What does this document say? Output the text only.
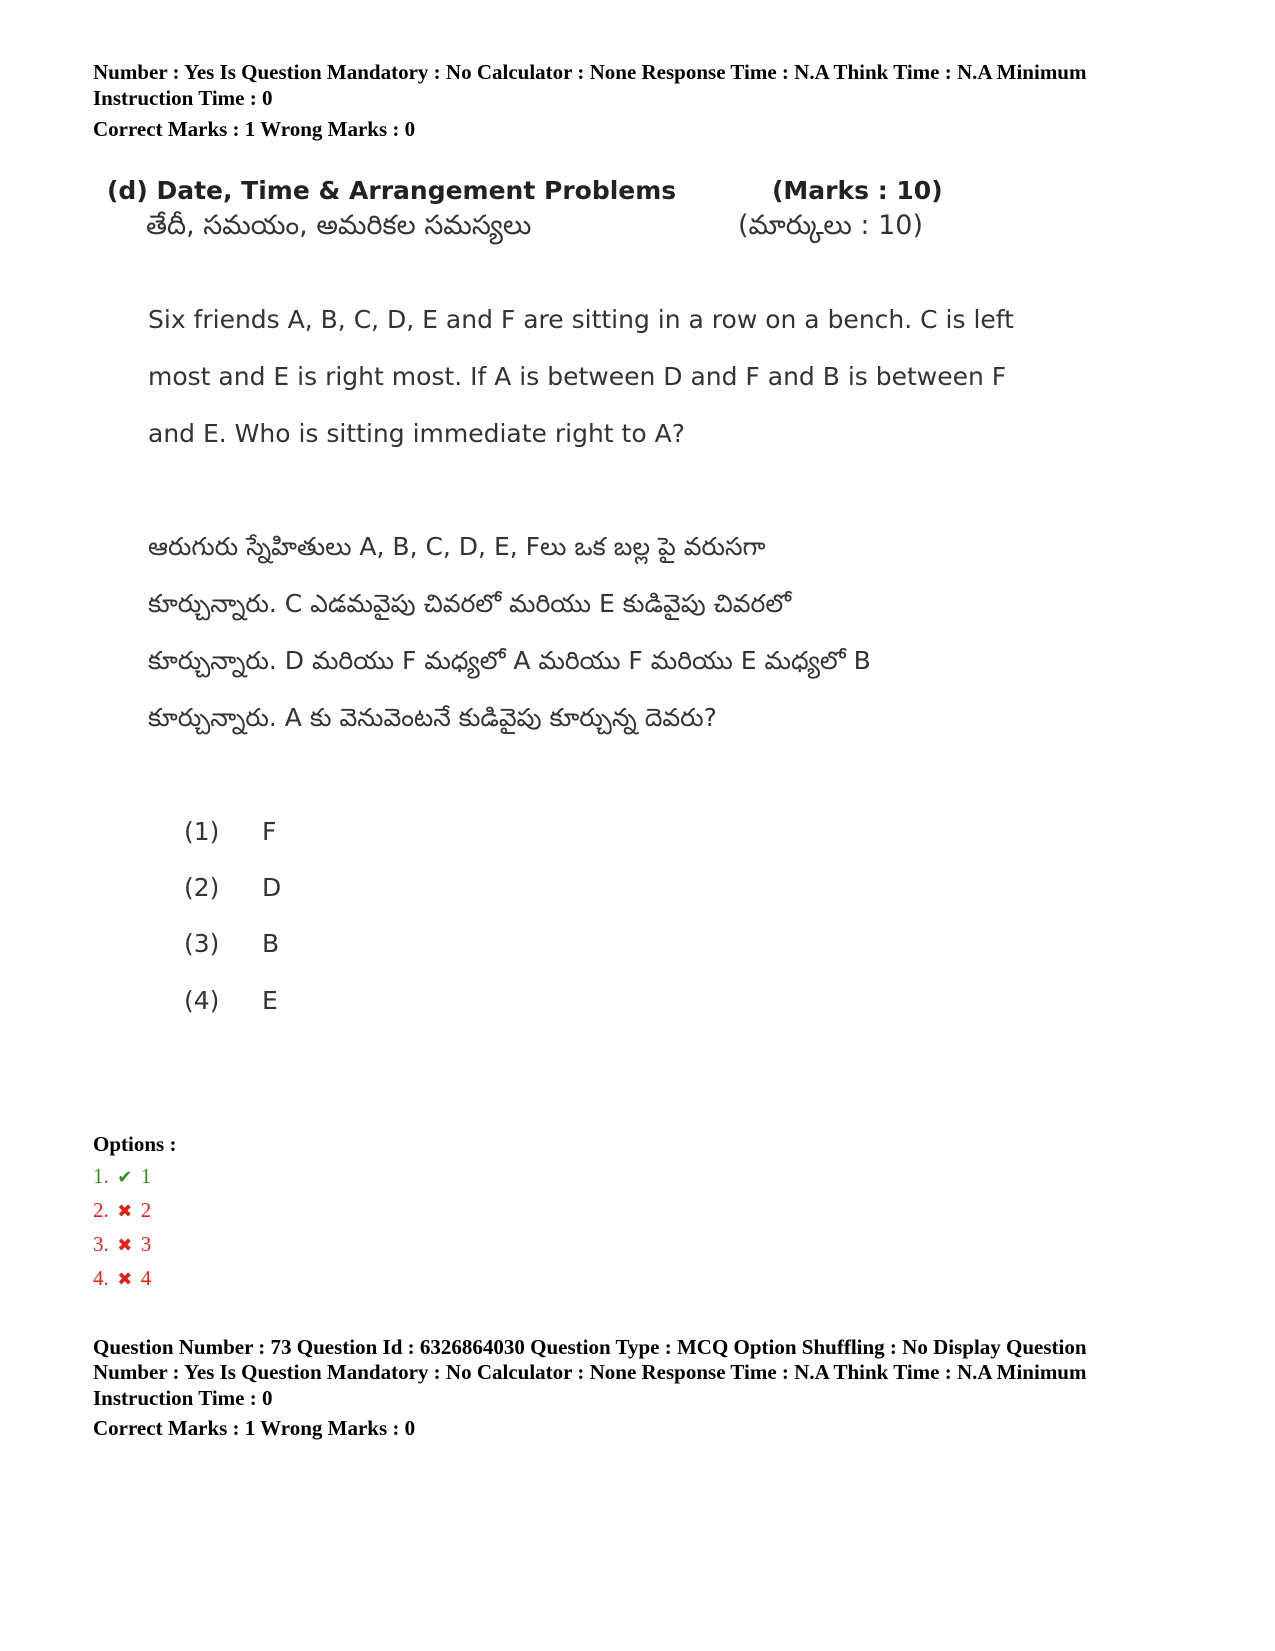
Number : Yes Is Question Mandatory : No Calculator : None Response Time : N.A Think Time : N.A Minimum
Instruction Time : 0
Correct Marks : 1 Wrong Marks : 0
(d) Date, Time & Arrangement Problems	(Marks : 10)
తేదీ, సమయం, అమరికల సమస్యలు	(మార్కులు : 10)
Six friends A, B, C, D, E and F are sitting in a row on a bench. C is left
most and E is right most. If A is between D and F and B is between F
and E. Who is sitting immediate right to A?
ఆరుగురు స్నేహితులు A, B, C, D, E, Fలు ఒక బల్ల పై వరుసగా
కూర్చున్నారు. C ఎడమవైపు చివరలో మరియు E కుడివైపు చివరలో
కూర్చున్నారు. D మరియు F మధ్యలో A మరియు F మరియు E మధ్యలో B
కూర్చున్నారు. A కు వెనువెంటనే కుడివైపు కూర్చున్న దెవరు?
(1) F
(2) D
(3) B
(4) E
Options :
1. ✔ 1
2. ✖ 2
3. ✖ 3
4. ✖ 4
Question Number : 73 Question Id : 6326864030 Question Type : MCQ Option Shuffling : No Display Question
Number : Yes Is Question Mandatory : No Calculator : None Response Time : N.A Think Time : N.A Minimum
Instruction Time : 0
Correct Marks : 1 Wrong Marks : 0
